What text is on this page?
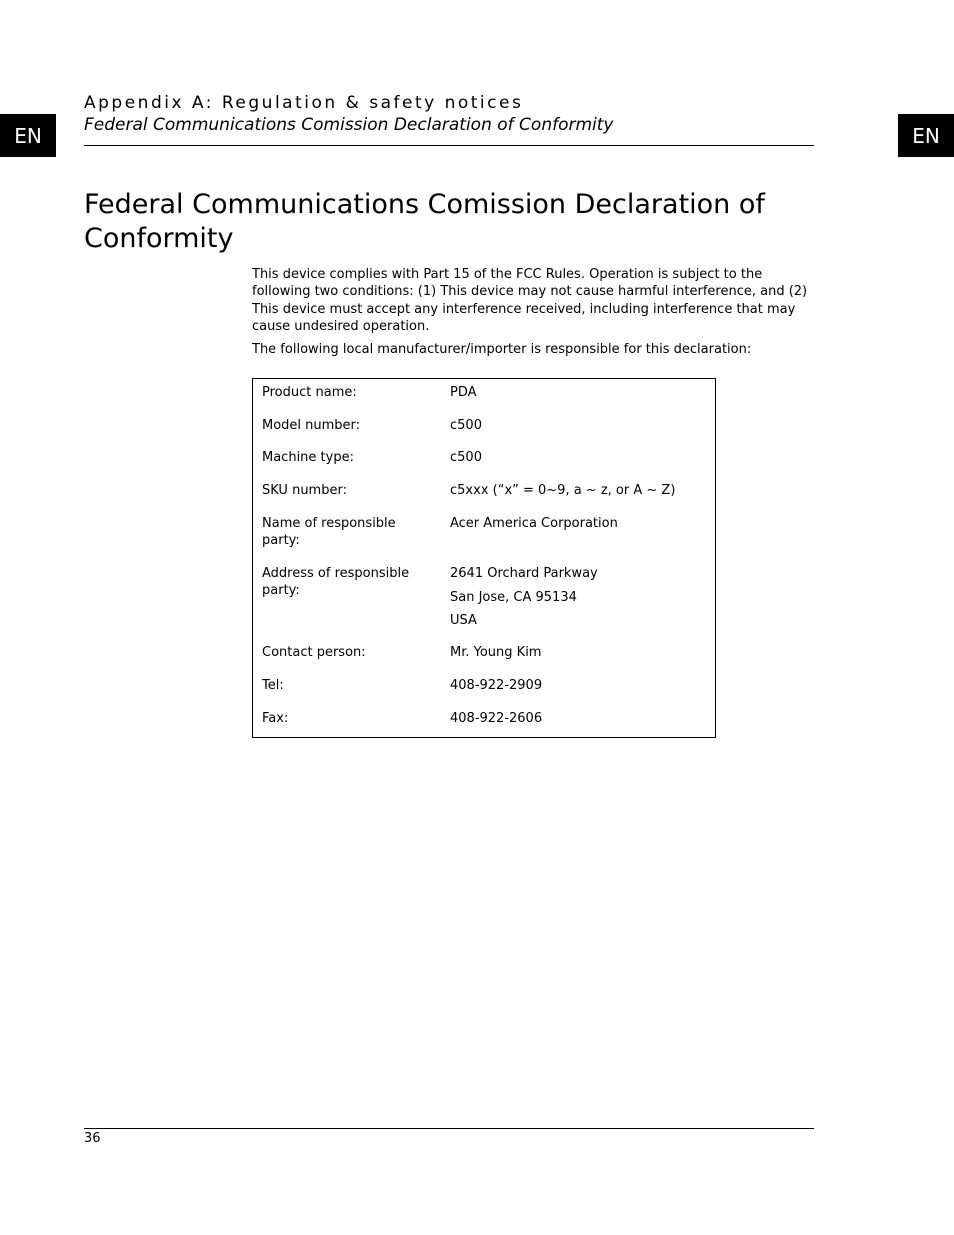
EN	EN
Appendix A: Regulation & safety notices
Federal Communications Comission Declaration of Conformity
Federal Communications Comission Declaration of Conformity

This device complies with Part 15 of the FCC Rules. Operation is subject to the following two conditions: (1) This device may not cause harmful interference, and (2) This device must accept any interference received, including interference that may cause undesired operation.

The following local manufacturer/importer is responsible for this declaration:

Product name:	PDA
Model number:	c500
Machine type:	c500
SKU number:	c5xxx (“x” = 0~9, a ~ z, or A ~ Z)
Name of responsible party:
Acer America Corporation
Address of responsible party:
2641 Orchard Parkway
San Jose, CA 95134
USA
Contact person:	Mr. Young Kim
Tel:	408-922-2909
Fax:	408-922-2606
36
